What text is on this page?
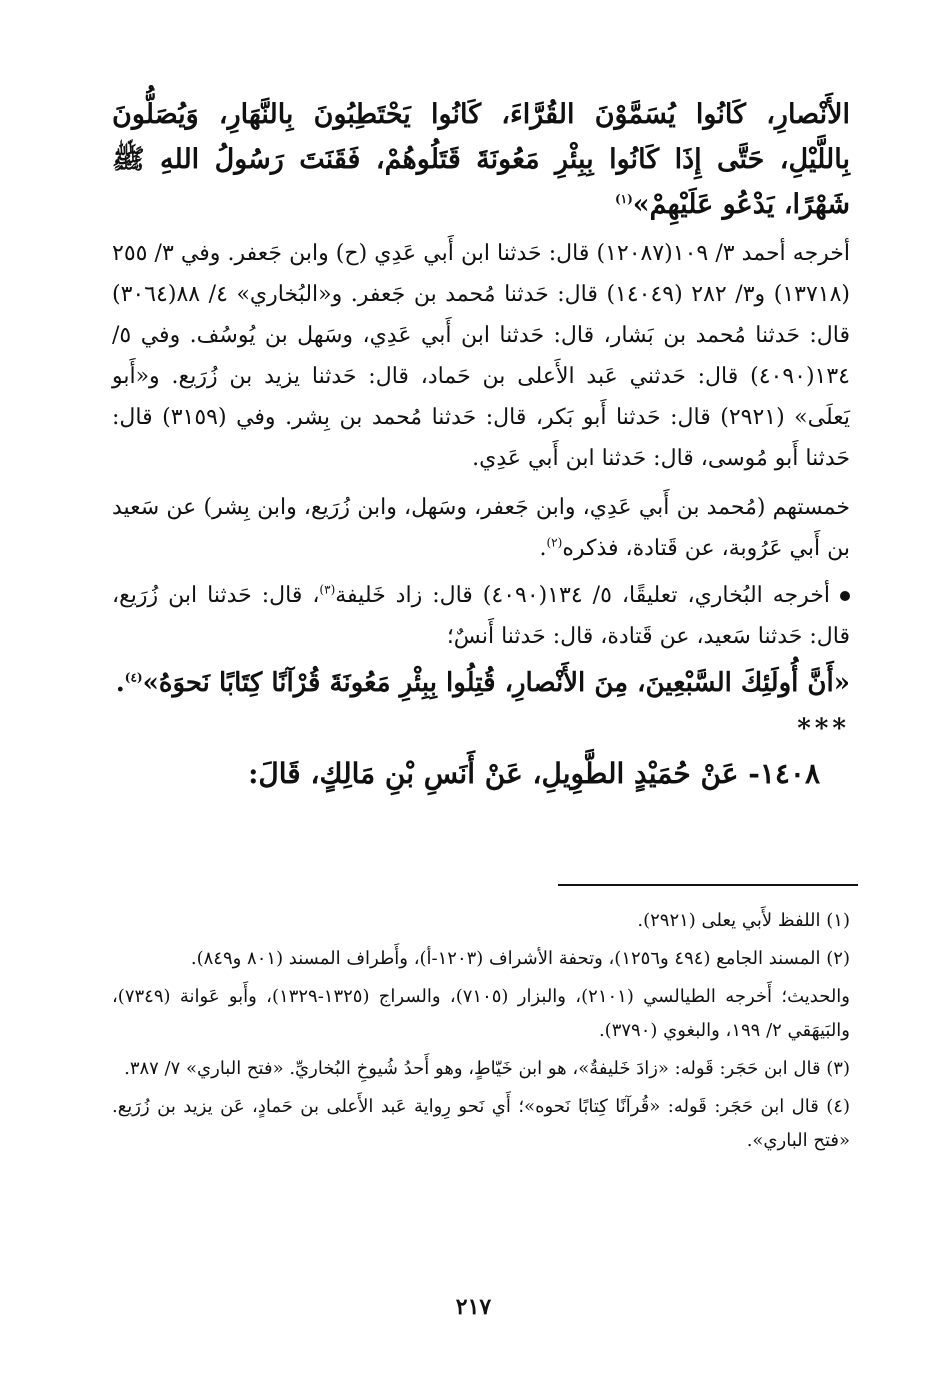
الأَنْصارِ، كَانُوا يُسَمَّوْنَ القُرَّاءَ، كَانُوا يَحْتَطِبُونَ بِالنَّهَارِ، وَيُصَلُّونَ بِاللَّيْلِ، حَتَّى إِذَا كَانُوا بِبِئْرِ مَعُونَةَ قَتَلُوهُمْ، فَقَنَتَ رَسُولُ اللهِ ﷺ شَهْرًا، يَدْعُو عَلَيْهِمْ»$^{(١)}$

أخرجه أحمد ٣/ ١٠٩(١٢٠٨٧) قال: حَدثنا ابن أَبي عَدِي (ح) وابن جَعفر. وفي ٣/ ٢٥٥ (١٣٧١٨) و٣/ ٢٨٢ (١٤٠٤٩) قال: حَدثنا مُحمد بن جَعفر. و«البُخاري» ٤/ ٨٨(٣٠٦٤) قال: حَدثنا مُحمد بن بَشار، قال: حَدثنا ابن أَبي عَدِي، وسَهل بن يُوسُف. وفي ٥/ ١٣٤(٤٠٩٠) قال: حَدثني عَبد الأَعلى بن حَماد، قال: حَدثنا يزيد بن زُرَيع. و«أَبو يَعلَى» (٢٩٢١) قال: حَدثنا أَبو بَكر، قال: حَدثنا مُحمد بن بِشر. وفي (٣١٥٩) قال: حَدثنا أَبو مُوسى، قال: حَدثنا ابن أَبي عَدِي.

خمستهم (مُحمد بن أَبي عَدِي، وابن جَعفر، وسَهل، وابن زُرَيع، وابن بِشر) عن سَعيد بن أَبي عَرُوبة، عن قَتادة، فذكره$^{(٢)}$.

أخرجه البُخاري، تعليقًا، ٥/ ١٣٤(٤٠٩٠) قال: زاد خَليفة$^{(٣)}$، قال: حَدثنا ابن زُرَيع، قال: حَدثنا سَعيد، عن قَتادة، قال: حَدثنا أَنسٌ؛

«أَنَّ أُولَئِكَ السَّبْعِينَ، مِنَ الأَنْصارِ، قُتِلُوا بِبِئْرِ مَعُونَةَ قُرْآنًا كِتَابًا نَحوَهُ»$^{(٤)}$.

***
١٤٠٨- عَنْ حُمَيْدٍ الطَّوِيلِ، عَنْ أَنَسِ بْنِ مَالِكٍ، قَالَ:

(١) اللفظ لأَبي يعلى (٢٩٢١).

(٢) المسند الجامع (٤٩٤ و١٢٥٦)، وتحفة الأشراف (١٢٠٣-أ)، وأَطراف المسند (٨٠١ و٨٤٩).

والحديث؛ أَخرجه الطيالسي (٢١٠١)، والبزار (٧١٠٥)، والسراج (١٣٢٥-١٣٢٩)، وأَبو عَوانة (٧٣٤٩)، والبَيهَقي ٢/ ١٩٩، والبغوي (٣٧٩٠).

(٣) قال ابن حَجَر: قَوله: «زادَ خَليفةُ»، هو ابن خَيّاطٍ، وهو أَحدُ شُيوخِ البُخاريِّ. «فتح الباري» ٧/ ٣٨٧.

(٤) قال ابن حَجَر: قَوله: «قُرآنًا كِتابًا نَحوه»؛ أَي نَحو رِواية عَبد الأَعلى بن حَمادٍ، عَن يزيد بن زُرَيع. «فتح الباري».

٢١٧
